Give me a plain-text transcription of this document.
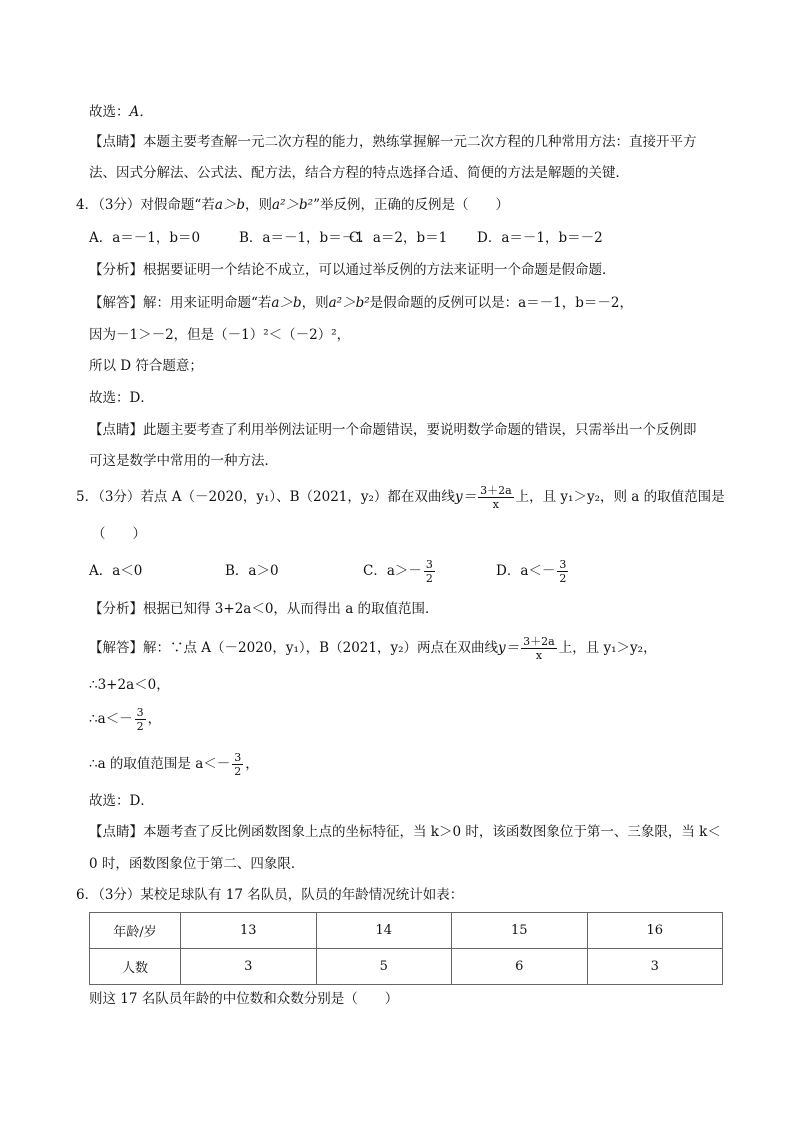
故选：A．
【点睛】本题主要考查解一元二次方程的能力，熟练掌握解一元二次方程的几种常用方法：直接开平方
法、因式分解法、公式法、配方法，结合方程的特点选择合适、简便的方法是解题的关键．
4．（3分）对假命题“若a＞b，则a²＞b²”举反例，正确的反例是（　　）
A．a＝－1，b＝0	B．a＝－1，b＝－1C．a＝2，b＝1 D．a＝－1，b＝－2
【分析】根据要证明一个结论不成立，可以通过举反例的方法来证明一个命题是假命题．
【解答】解：用来证明命题“若a＞b，则a²＞b²是假命题的反例可以是：a＝－1，b＝－2，
因为－1＞－2，但是（－1）²＜（－2）²，
所以 D 符合题意；
故选：D．
【点睛】此题主要考查了利用举例法证明一个命题错误，要说明数学命题的错误，只需举出一个反例即
可这是数学中常用的一种方法．
5．（3分）若点 A（－2020，y₁）、B（2021，y₂）都在双曲线$y= \frac{3+2a}{x}$ 上，且 y₁＞y₂，则 a 的取值范围是
（　　）
A．a＜0	B．a＞0	C．$a>- \frac{3}{2}$	D．$a<- \frac{3}{2}$
【分析】根据已知得 3+2a＜0，从而得出 a 的取值范围．
【解答】解：∵点 A（－2020，y₁），B（2021，y₂）两点在双曲线$y= \frac{3+2a}{x}$ 上，且 y₁＞y₂，
∴3+2a＜0，
∴a＜－ $\frac{3}{2}$ ，
∴a 的取值范围是 $a<- \frac{3}{2}$ ，
故选：D．
【点睛】本题考查了反比例函数图象上点的坐标特征，当 k＞0 时，该函数图象位于第一、三象限，当 k＜
0 时，函数图象位于第二、四象限．
6．（3分）某校足球队有 17 名队员，队员的年龄情况统计如表：
年龄/岁	13	14	15	16
人数	3	5	6	3
则这 17 名队员年龄的中位数和众数分别是（　　）
